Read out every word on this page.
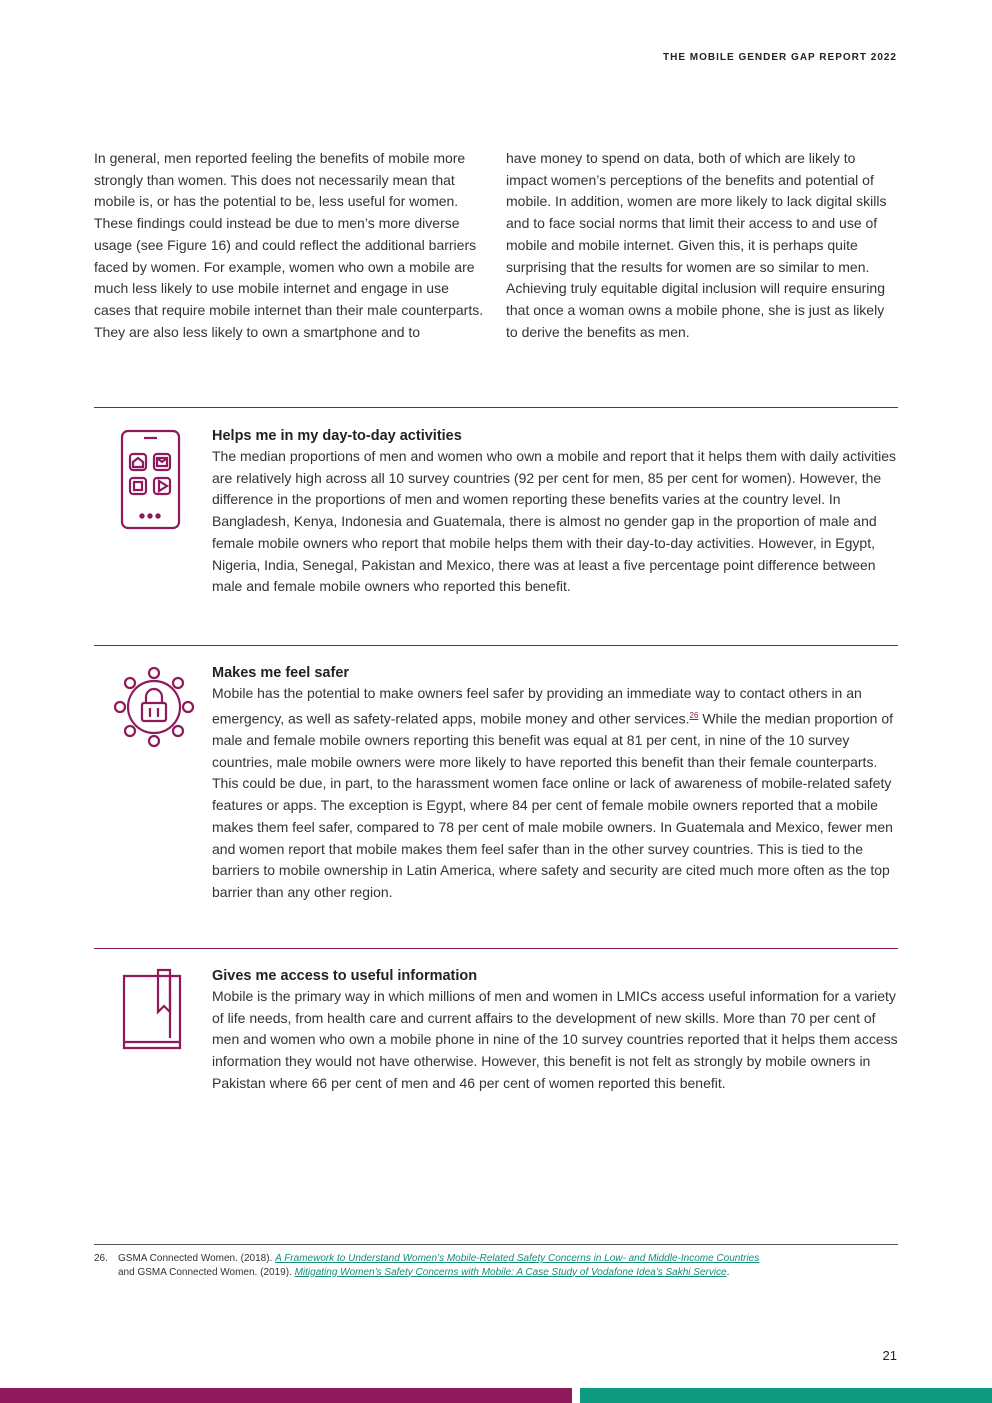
THE MOBILE GENDER GAP REPORT 2022

In general, men reported feeling the benefits of mobile more strongly than women. This does not necessarily mean that mobile is, or has the potential to be, less useful for women. These findings could instead be due to men’s more diverse usage (see Figure 16) and could reflect the additional barriers faced by women. For example, women who own a mobile are much less likely to use mobile internet and engage in use cases that require mobile internet than their male counterparts. They are also less likely to own a smartphone and to

have money to spend on data, both of which are likely to impact women’s perceptions of the benefits and potential of mobile. In addition, women are more likely to lack digital skills and to face social norms that limit their access to and use of mobile and mobile internet. Given this, it is perhaps quite surprising that the results for women are so similar to men. Achieving truly equitable digital inclusion will require ensuring that once a woman owns a mobile phone, she is just as likely to derive the benefits as men.

Helps me in my day-to-day activities

The median proportions of men and women who own a mobile and report that it helps them with daily activities are relatively high across all 10 survey countries (92 per cent for men, 85 per cent for women). However, the difference in the proportions of men and women reporting these benefits varies at the country level. In Bangladesh, Kenya, Indonesia and Guatemala, there is almost no gender gap in the proportion of male and female mobile owners who report that mobile helps them with their day-to-day activities. However, in Egypt, Nigeria, India, Senegal, Pakistan and Mexico, there was at least a five percentage point difference between male and female mobile owners who reported this benefit.

Makes me feel safer

Mobile has the potential to make owners feel safer by providing an immediate way to contact others in an emergency, as well as safety-related apps, mobile money and other services.$^{26}$ While the median proportion of male and female mobile owners reporting this benefit was equal at 81 per cent, in nine of the 10 survey countries, male mobile owners were more likely to have reported this benefit than their female counterparts. This could be due, in part, to the harassment women face online or lack of awareness of mobile-related safety features or apps. The exception is Egypt, where 84 per cent of female mobile owners reported that a mobile makes them feel safer, compared to 78 per cent of male mobile owners. In Guatemala and Mexico, fewer men and women report that mobile makes them feel safer than in the other survey countries. This is tied to the barriers to mobile ownership in Latin America, where safety and security are cited much more often as the top barrier than any other region.

Gives me access to useful information

Mobile is the primary way in which millions of men and women in LMICs access useful information for a variety of life needs, from health care and current affairs to the development of new skills. More than 70 per cent of men and women who own a mobile phone in nine of the 10 survey countries reported that it helps them access information they would not have otherwise. However, this benefit is not felt as strongly by mobile owners in Pakistan where 66 per cent of men and 46 per cent of women reported this benefit.

26. GSMA Connected Women. (2018). A Framework to Understand Women’s Mobile-Related Safety Concerns in Low- and Middle-Income Countries
and GSMA Connected Women. (2019). Mitigating Women’s Safety Concerns with Mobile: A Case Study of Vodafone Idea’s Sakhi Service.
21
